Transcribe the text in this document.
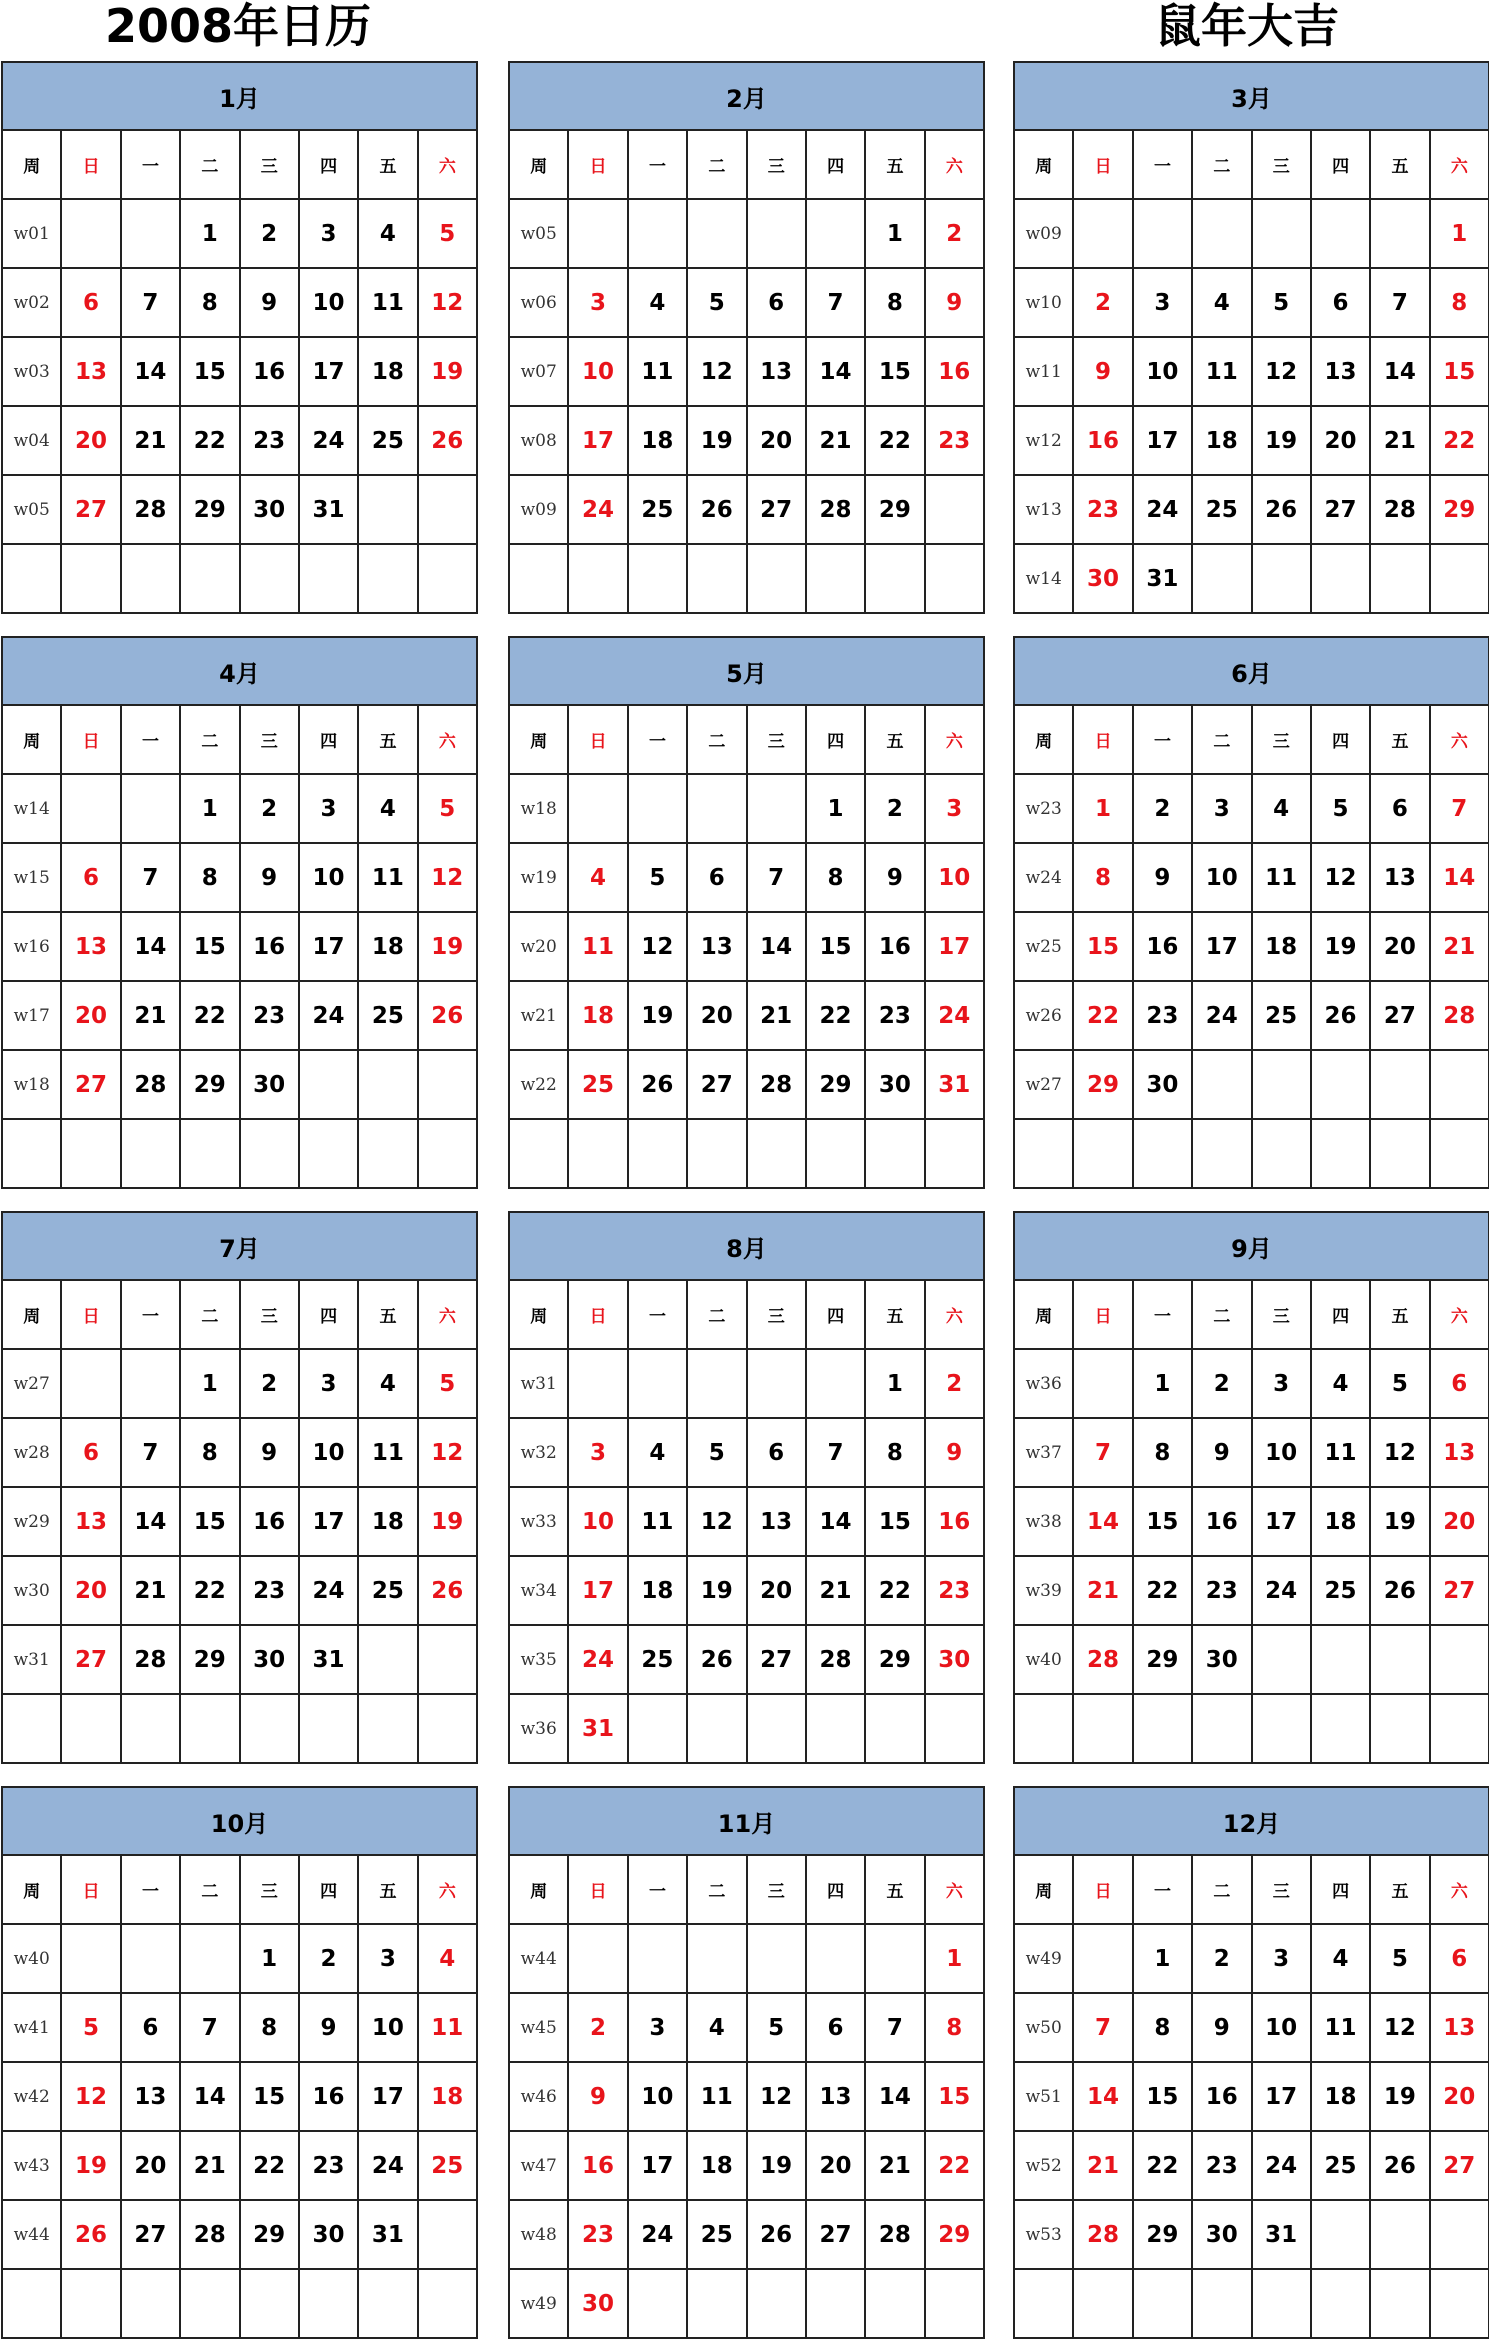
2008年日历	鼠年大吉
1月							
周	日	一	二	三	四	五	六
w01			1	2	3	4	5
w02	6	7	8	9	10	11	12
w03	13	14	15	16	17	18	19
w04	20	21	22	23	24	25	26
w05	27	28	29	30	31		

2月							
周	日	一	二	三	四	五	六
w05						1	2
w06	3	4	5	6	7	8	9
w07	10	11	12	13	14	15	16
w08	17	18	19	20	21	22	23
w09	24	25	26	27	28	29	

3月							
周	日	一	二	三	四	五	六
w09							1
w10	2	3	4	5	6	7	8
w11	9	10	11	12	13	14	15
w12	16	17	18	19	20	21	22
w13	23	24	25	26	27	28	29
w14	30	31					
4月							
周	日	一	二	三	四	五	六
w14			1	2	3	4	5
w15	6	7	8	9	10	11	12
w16	13	14	15	16	17	18	19
w17	20	21	22	23	24	25	26
w18	27	28	29	30			

5月							
周	日	一	二	三	四	五	六
w18					1	2	3
w19	4	5	6	7	8	9	10
w20	11	12	13	14	15	16	17
w21	18	19	20	21	22	23	24
w22	25	26	27	28	29	30	31

6月							
周	日	一	二	三	四	五	六
w23	1	2	3	4	5	6	7
w24	8	9	10	11	12	13	14
w25	15	16	17	18	19	20	21
w26	22	23	24	25	26	27	28
w27	29	30					

7月							
周	日	一	二	三	四	五	六
w27			1	2	3	4	5
w28	6	7	8	9	10	11	12
w29	13	14	15	16	17	18	19
w30	20	21	22	23	24	25	26
w31	27	28	29	30	31		

8月							
周	日	一	二	三	四	五	六
w31						1	2
w32	3	4	5	6	7	8	9
w33	10	11	12	13	14	15	16
w34	17	18	19	20	21	22	23
w35	24	25	26	27	28	29	30
w36	31						
9月							
周	日	一	二	三	四	五	六
w36		1	2	3	4	5	6
w37	7	8	9	10	11	12	13
w38	14	15	16	17	18	19	20
w39	21	22	23	24	25	26	27
w40	28	29	30				

10月							
周	日	一	二	三	四	五	六
w40				1	2	3	4
w41	5	6	7	8	9	10	11
w42	12	13	14	15	16	17	18
w43	19	20	21	22	23	24	25
w44	26	27	28	29	30	31	

11月							
周	日	一	二	三	四	五	六
w44							1
w45	2	3	4	5	6	7	8
w46	9	10	11	12	13	14	15
w47	16	17	18	19	20	21	22
w48	23	24	25	26	27	28	29
w49	30						
12月							
周	日	一	二	三	四	五	六
w49		1	2	3	4	5	6
w50	7	8	9	10	11	12	13
w51	14	15	16	17	18	19	20
w52	21	22	23	24	25	26	27
w53	28	29	30	31			
